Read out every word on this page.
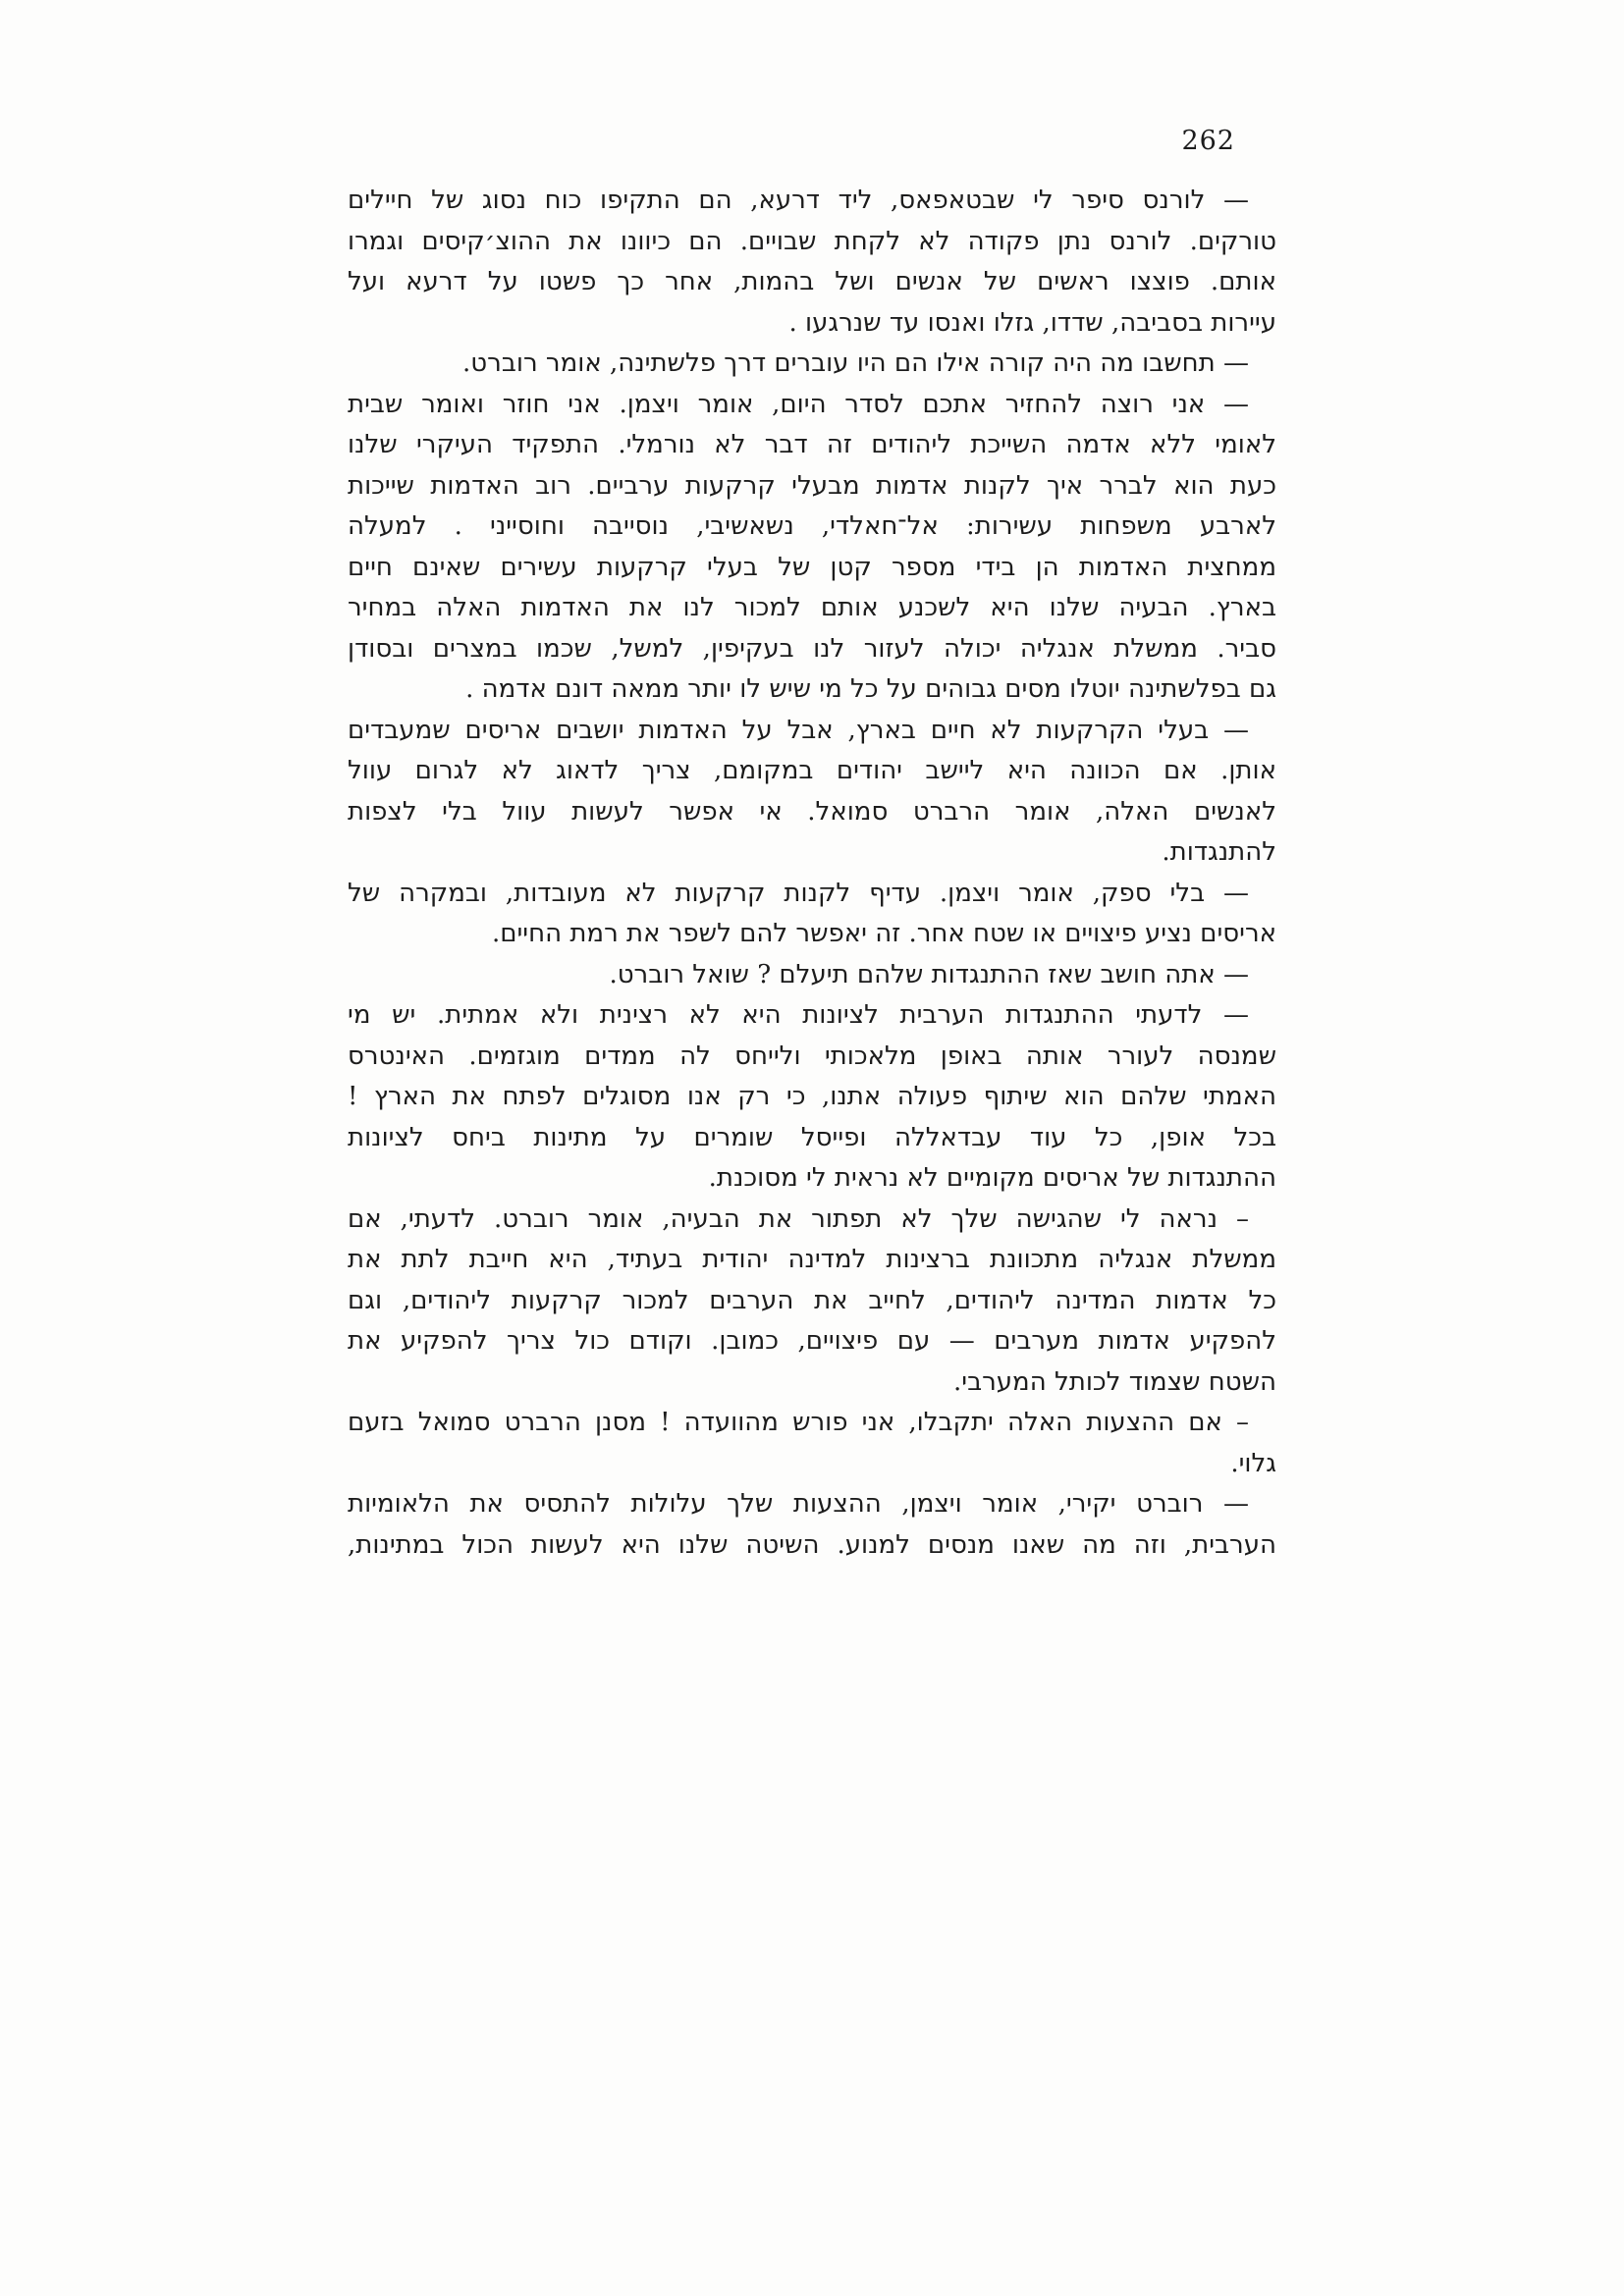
262
— לורנס סיפר לי שבטאפאס, ליד דרעא, הם התקיפו כוח נסוג של חיילים
טורקים. לורנס נתן פקודה לא לקחת שבויים. הם כיוונו את ההוצ׳קיסים וגמרו
אותם. פוצצו ראשים של אנשים ושל בהמות, אחר כך פשטו על דרעא ועל
עיירות בסביבה, שדדו, גזלו ואנסו עד שנרגעו .
— תחשבו מה היה קורה אילו הם היו עוברים דרך פלשתינה, אומר רוברט.
— אני רוצה להחזיר אתכם לסדר היום, אומר ויצמן. אני חוזר ואומר שבית
לאומי ללא אדמה השייכת ליהודים זה דבר לא נורמלי. התפקיד העיקרי שלנו
כעת הוא לברר איך לקנות אדמות מבעלי קרקעות ערביים. רוב האדמות שייכות
לארבע משפחות עשירות: אל־חאלדי, נשאשיבי, נוסייבה וחוסייני . למעלה
ממחצית האדמות הן בידי מספר קטן של בעלי קרקעות עשירים שאינם חיים
בארץ. הבעיה שלנו היא לשכנע אותם למכור לנו את האדמות האלה במחיר
סביר. ממשלת אנגליה יכולה לעזור לנו בעקיפין, למשל, שכמו במצרים ובסודן
גם בפלשתינה יוטלו מסים גבוהים על כל מי שיש לו יותר ממאה דונם אדמה .
— בעלי הקרקעות לא חיים בארץ, אבל על האדמות יושבים אריסים שמעבדים
אותן. אם הכוונה היא ליישב יהודים במקומם, צריך לדאוג לא לגרום עוול
לאנשים האלה, אומר הרברט סמואל. אי אפשר לעשות עוול בלי לצפות
להתנגדות.
— בלי ספק, אומר ויצמן. עדיף לקנות קרקעות לא מעובדות, ובמקרה של
אריסים נציע פיצויים או שטח אחר. זה יאפשר להם לשפר את רמת החיים.
— אתה חושב שאז ההתנגדות שלהם תיעלם ? שואל רוברט.
— לדעתי ההתנגדות הערבית לציונות היא לא רצינית ולא אמתית. יש מי
שמנסה לעורר אותה באופן מלאכותי ולייחס לה ממדים מוגזמים. האינטרס
האמתי שלהם הוא שיתוף פעולה אתנו, כי רק אנו מסוגלים לפתח את הארץ !
בכל אופן, כל עוד עבדאללה ופייסל שומרים על מתינות ביחס לציונות
ההתנגדות של אריסים מקומיים לא נראית לי מסוכנת.
– נראה לי שהגישה שלך לא תפתור את הבעיה, אומר רוברט. לדעתי, אם
ממשלת אנגליה מתכוונת ברצינות למדינה יהודית בעתיד, היא חייבת לתת את
כל אדמות המדינה ליהודים, לחייב את הערבים למכור קרקעות ליהודים, וגם
להפקיע אדמות מערבים — עם פיצויים, כמובן. וקודם כול צריך להפקיע את
השטח שצמוד לכותל המערבי.
– אם ההצעות האלה יתקבלו, אני פורש מהוועדה ! מסנן הרברט סמואל בזעם
גלוי.
— רוברט יקירי, אומר ויצמן, ההצעות שלך עלולות להתסיס את הלאומיות
הערבית, וזה מה שאנו מנסים למנוע. השיטה שלנו היא לעשות הכול במתינות,
